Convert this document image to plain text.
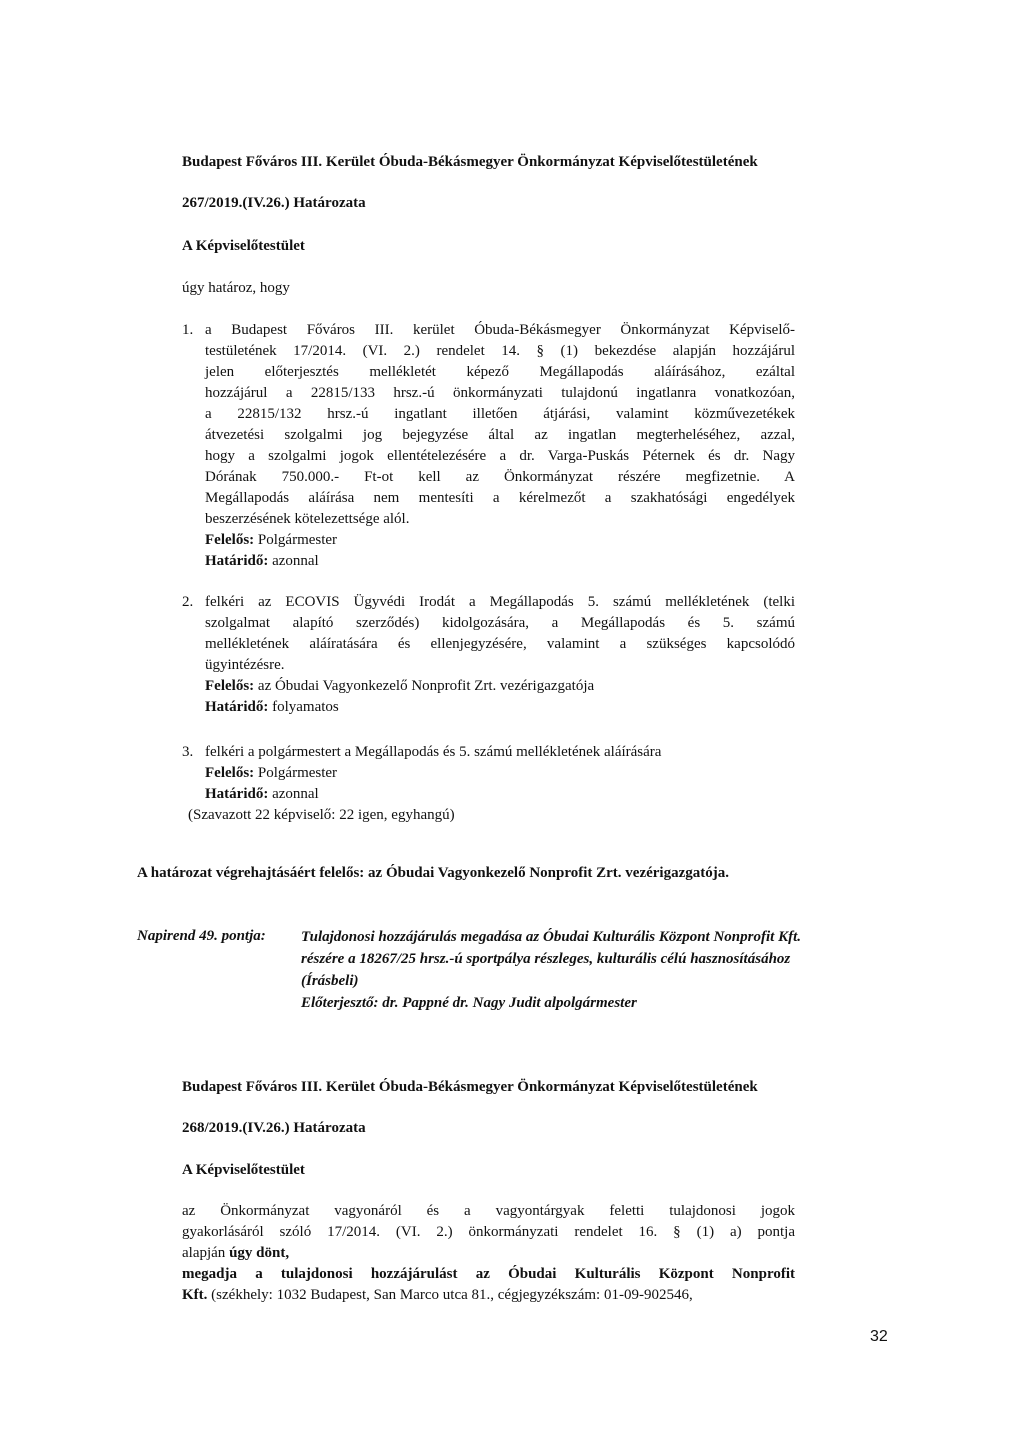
Budapest Főváros III. Kerület Óbuda-Békásmegyer Önkormányzat Képviselőtestületének
267/2019.(IV.26.) Határozata
A Képviselőtestület
úgy határoz, hogy
1. a Budapest Főváros III. kerület Óbuda-Békásmegyer Önkormányzat Képviselő-
testületének 17/2014. (VI. 2.) rendelet 14. § (1) bekezdése alapján hozzájárul
jelen előterjesztés mellékletét képező Megállapodás aláírásához, ezáltal
hozzájárul a 22815/133 hrsz.-ú önkormányzati tulajdonú ingatlanra vonatkozóan,
a 22815/132 hrsz.-ú ingatlant illetően átjárási, valamint közművezetékek
átvezetési szolgalmi jog bejegyzése által az ingatlan megterheléséhez, azzal,
hogy a szolgalmi jogok ellentételezésére a dr. Varga-Puskás Péternek és dr. Nagy
Dórának 750.000.- Ft-ot kell az Önkormányzat részére megfizetnie. A
Megállapodás aláírása nem mentesíti a kérelmezőt a szakhatósági engedélyek
beszerzésének kötelezettsége alól.
Felelős: Polgármester
Határidő: azonnal
2. felkéri az ECOVIS Ügyvédi Irodát a Megállapodás 5. számú mellékletének (telki
szolgalmat alapító szerződés) kidolgozására, a Megállapodás és 5. számú
mellékletének aláíratására és ellenjegyzésére, valamint a szükséges kapcsolódó
ügyintézésre.
Felelős: az Óbudai Vagyonkezelő Nonprofit Zrt. vezérigazgatója
Határidő: folyamatos
3. felkéri a polgármestert a Megállapodás és 5. számú mellékletének aláírására
Felelős: Polgármester
Határidő: azonnal
(Szavazott 22 képviselő: 22 igen, egyhangú)
A határozat végrehajtásáért felelős: az Óbudai Vagyonkezelő Nonprofit Zrt. vezérigazgatója.
Napirend 49. pontja: Tulajdonosi hozzájárulás megadása az Óbudai Kulturális Központ Nonprofit Kft.
részére a 18267/25 hrsz.-ú sportpálya részleges, kulturális célú hasznosításához
(Írásbeli)
Előterjesztő: dr. Pappné dr. Nagy Judit alpolgármester
Budapest Főváros III. Kerület Óbuda-Békásmegyer Önkormányzat Képviselőtestületének
268/2019.(IV.26.) Határozata
A Képviselőtestület
az Önkormányzat vagyonáról és a vagyontárgyak feletti tulajdonosi jogok
gyakorlásáról szóló 17/2014. (VI. 2.) önkormányzati rendelet 16. § (1) a) pontja
alapján úgy dönt,
megadja a tulajdonosi hozzájárulást az Óbudai Kulturális Központ Nonprofit
Kft. (székhely: 1032 Budapest, San Marco utca 81., cégjegyzékszám: 01-09-902546,
32
